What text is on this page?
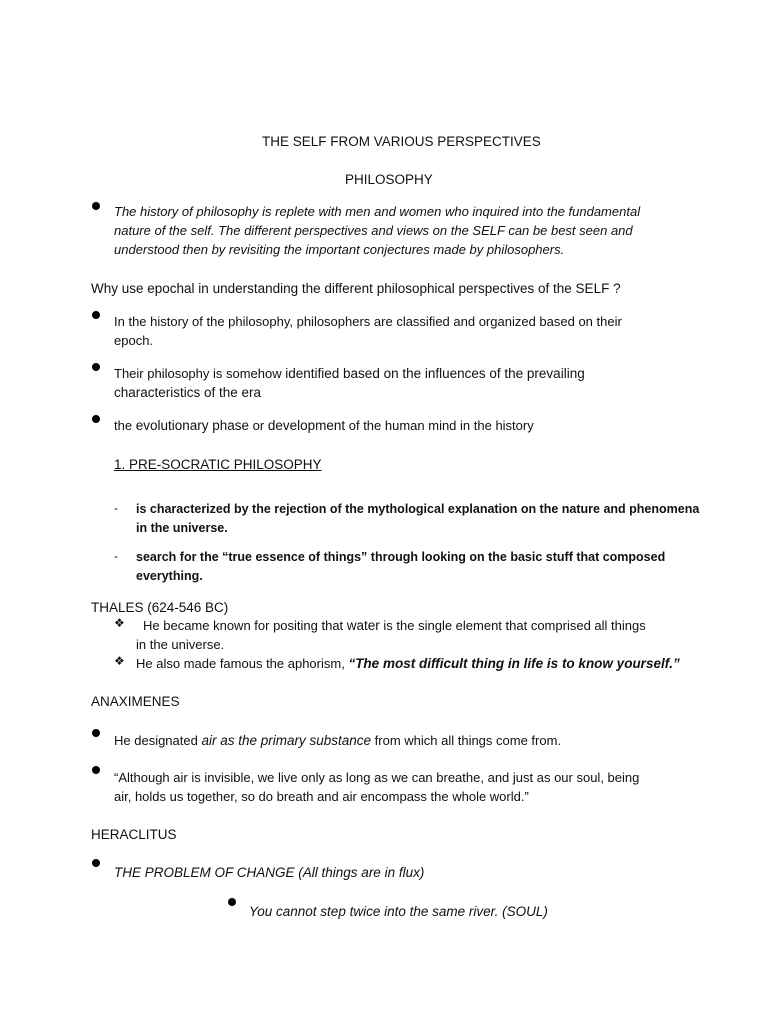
THE SELF FROM VARIOUS PERSPECTIVES
PHILOSOPHY
The history of philosophy is replete with men and women who inquired into the fundamental
nature of the self. The different perspectives and views on the SELF can be best seen and
understood then by revisiting the important conjectures made by philosophers.
Why use epochal in understanding the different philosophical perspectives of the SELF ?
In the history of the philosophy, philosophers are classified and organized based on their
epoch.
Their philosophy is somehow identified based on the influences of the prevailing
characteristics of the era
the evolutionary phase or development of the human mind in the history
1. PRE-SOCRATIC PHILOSOPHY
- is characterized by the rejection of the mythological explanation on the nature and phenomena
in the universe.
- search for the “true essence of things” through looking on the basic stuff that composed
everything.
THALES (624-546 BC)
❖ He became known for positing that water is the single element that comprised all things
in the universe.
❖ He also made famous the aphorism, “The most difficult thing in life is to know yourself.”
ANAXIMENES
He designated air as the primary substance from which all things come from.
“Although air is invisible, we live only as long as we can breathe, and just as our soul, being
air, holds us together, so do breath and air encompass the whole world.”
HERACLITUS
THE PROBLEM OF CHANGE (All things are in flux)
You cannot step twice into the same river. (SOUL)
